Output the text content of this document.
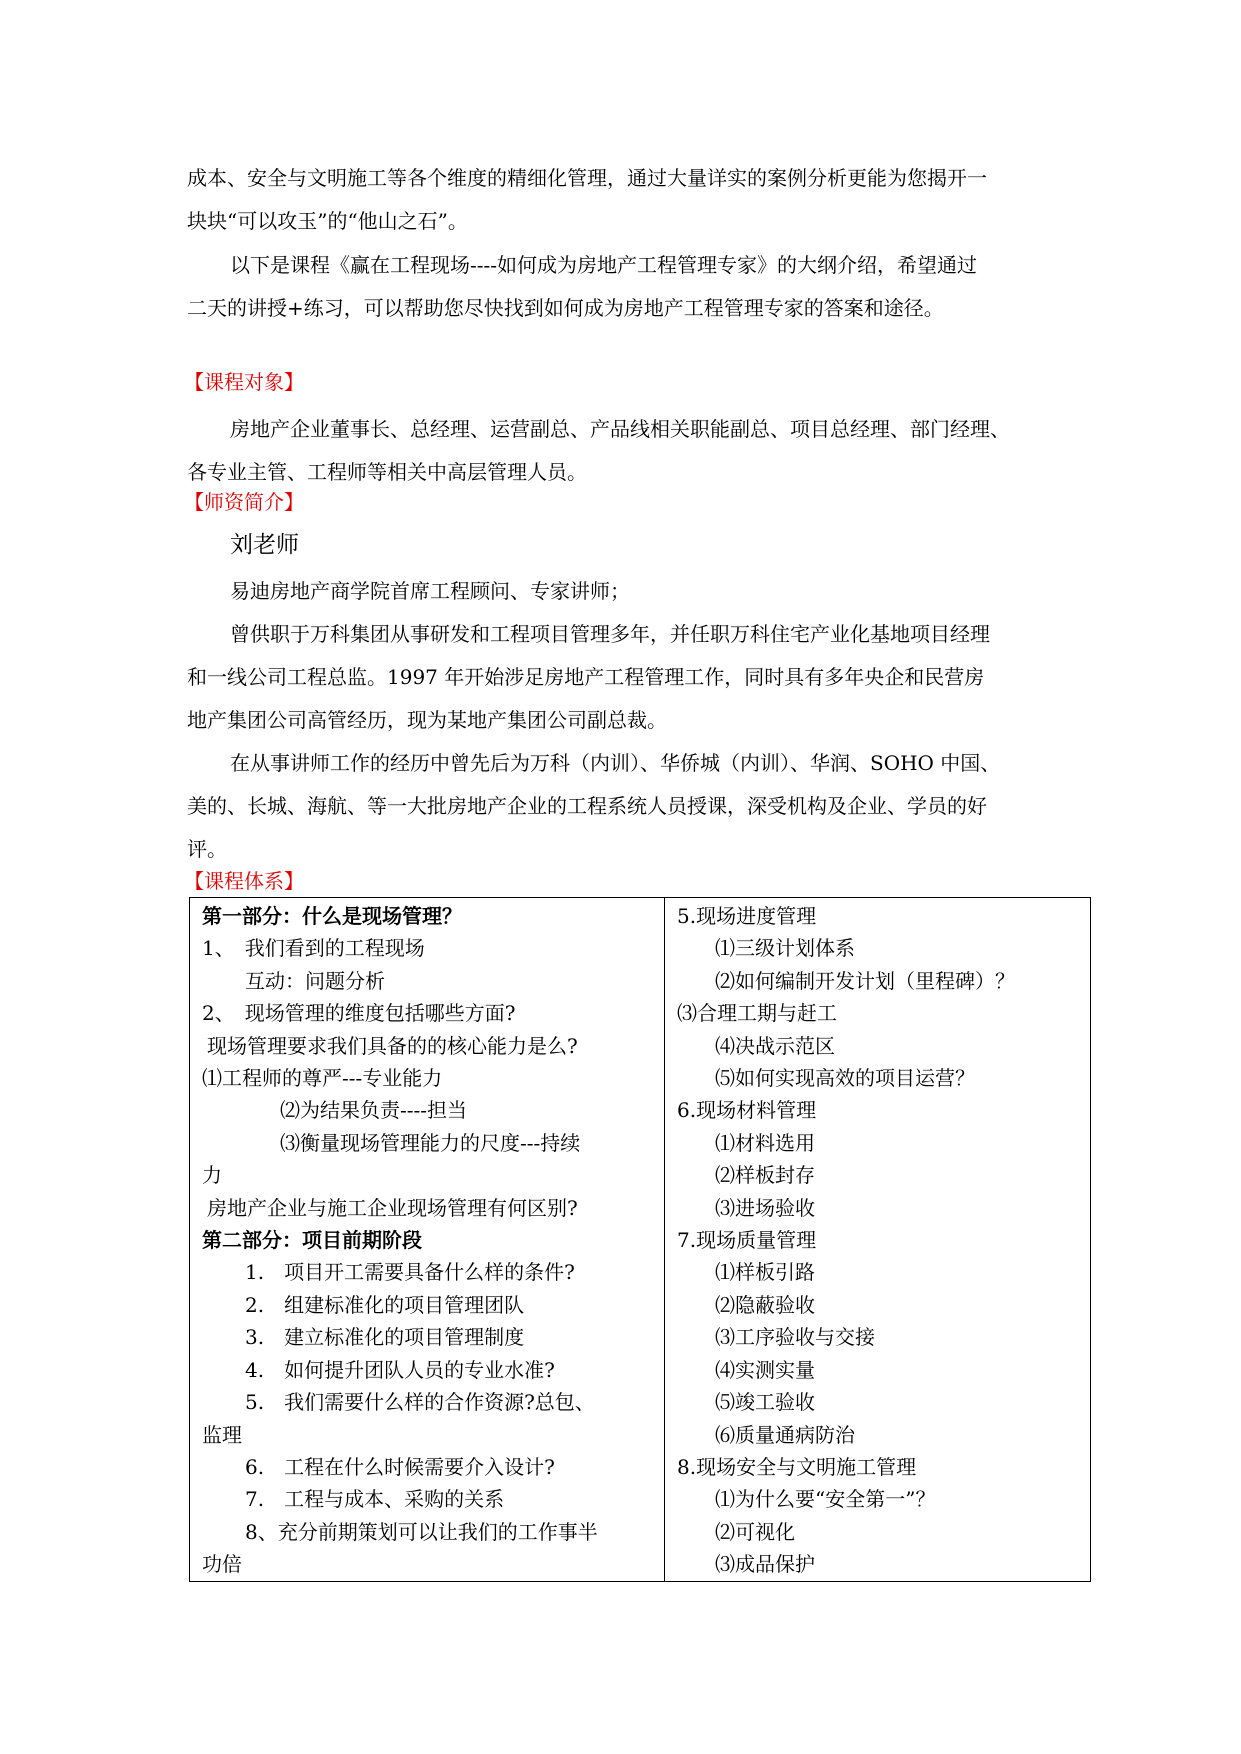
成本、安全与文明施工等各个维度的精细化管理，通过大量详实的案例分析更能为您揭开一
块块“可以攻玉”的“他山之石”。
以下是课程《赢在工程现场----如何成为房地产工程管理专家》的大纲介绍，希望通过
二天的讲授+练习，可以帮助您尽快找到如何成为房地产工程管理专家的答案和途径。
【课程对象】
房地产企业董事长、总经理、运营副总、产品线相关职能副总、项目总经理、部门经理、
各专业主管、工程师等相关中高层管理人员。
【师资简介】
刘老师
易迪房地产商学院首席工程顾问、专家讲师；
曾供职于万科集团从事研发和工程项目管理多年，并任职万科住宅产业化基地项目经理
和一线公司工程总监。1997 年开始涉足房地产工程管理工作，同时具有多年央企和民营房
地产集团公司高管经历，现为某地产集团公司副总裁。
在从事讲师工作的经历中曾先后为万科（内训）、华侨城（内训）、华润、SOHO 中国、
美的、长城、海航、等一大批房地产企业的工程系统人员授课，深受机构及企业、学员的好
评。
【课程体系】
第一部分：什么是现场管理？
1、　我们看到的工程现场
互动：问题分析
2、　现场管理的维度包括哪些方面?
现场管理要求我们具备的的核心能力是么?
⑴工程师的尊严---专业能力
⑵为结果负责----担当
⑶衡量现场管理能力的尺度---持续
力
房地产企业与施工企业现场管理有何区别?
第二部分：项目前期阶段
1.　项目开工需要具备什么样的条件?
2.　组建标准化的项目管理团队
3.　建立标准化的项目管理制度
4.　如何提升团队人员的专业水准?
5.　我们需要什么样的合作资源?总包、
监理
6.　工程在什么时候需要介入设计?
7.　工程与成本、采购的关系
8、充分前期策划可以让我们的工作事半
功倍

5.现场进度管理
⑴三级计划体系
⑵如何编制开发计划（里程碑）？
⑶合理工期与赶工
⑷决战示范区
⑸如何实现高效的项目运营？
6.现场材料管理
⑴材料选用
⑵样板封存
⑶进场验收
7.现场质量管理
⑴样板引路
⑵隐蔽验收
⑶工序验收与交接
⑷实测实量
⑸竣工验收
⑹质量通病防治
8.现场安全与文明施工管理
⑴为什么要“安全第一”？
⑵可视化
⑶成品保护
